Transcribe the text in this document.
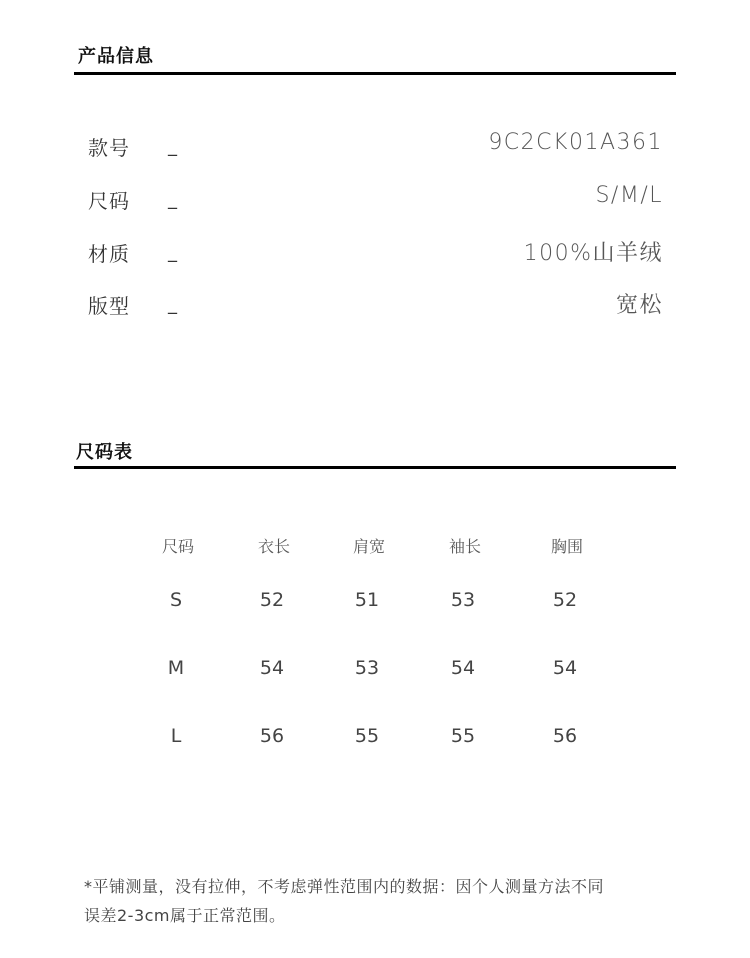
产品信息
款号 _	9C2CK01A361
尺码 _	S/M/L
材质 _	100%山羊绒
版型 _	宽松
尺码表
尺码	衣长	肩宽	袖长	胸围
S	52	51	53	52
M	54	53	54	54
L	56	55	55	56
*平铺测量，没有拉伸，不考虑弹性范围内的数据：因个人测量方法不同
误差2-3cm属于正常范围。
